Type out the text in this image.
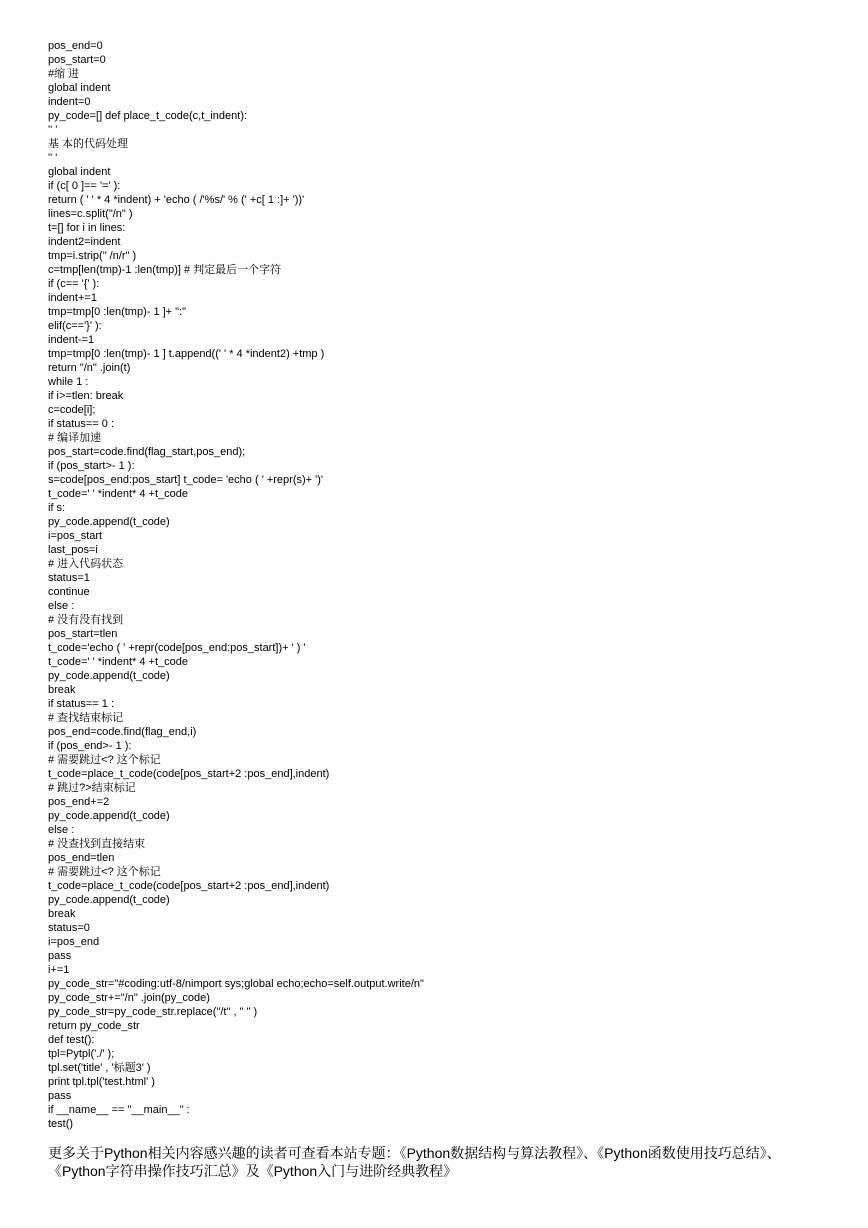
pos_end=0
pos_start=0
#缩 进
global indent
indent=0
py_code=[] def place_t_code(c,t_indent):
'' '
基 本的代码处理
'' '
global indent
if (c[ 0 ]== '=' ):
return ( ' ' * 4 *indent) + 'echo ( /'%s/' % (' +c[ 1 :]+ '))'
lines=c.split("/n" )
t=[] for i in lines:
indent2=indent
tmp=i.strip(" /n/r" )
c=tmp[len(tmp)-1 :len(tmp)] # 判定最后一个字符
if (c== '{' ):
indent+=1
tmp=tmp[0 :len(tmp)- 1 ]+ ":"
elif(c=='}' ):
indent-=1
tmp=tmp[0 :len(tmp)- 1 ] t.append((' ' * 4 *indent2) +tmp )
return "/n" .join(t)
while 1 :
if i>=tlen: break
c=code[i];
if status== 0 :
# 编译加速
pos_start=code.find(flag_start,pos_end);
if (pos_start>- 1 ):
s=code[pos_end:pos_start] t_code= 'echo ( ' +repr(s)+ ')'
t_code=' ' *indent* 4 +t_code
if s:
py_code.append(t_code)
i=pos_start
last_pos=i
# 进入代码状态
status=1
continue
else :
# 没有没有找到
pos_start=tlen
t_code='echo ( ' +repr(code[pos_end:pos_start])+ ' ) '
t_code=' ' *indent* 4 +t_code
py_code.append(t_code)
break
if status== 1 :
# 查找结束标记
pos_end=code.find(flag_end,i)
if (pos_end>- 1 ):
# 需要跳过<? 这个标记
t_code=place_t_code(code[pos_start+2 :pos_end],indent)
# 跳过?>结束标记
pos_end+=2
py_code.append(t_code)
else :
# 没查找到直接结束
pos_end=tlen
# 需要跳过<? 这个标记
t_code=place_t_code(code[pos_start+2 :pos_end],indent)
py_code.append(t_code)
break
status=0
i=pos_end
pass
i+=1
py_code_str="#coding:utf-8/nimport sys;global echo;echo=self.output.write/n"
py_code_str+="/n" .join(py_code)
py_code_str=py_code_str.replace("/t" , " " )
return py_code_str
def test():
tpl=Pytpl('./' );
tpl.set('title' , '标题3' )
print tpl.tpl('test.html' )
pass
if __name__ == "__main__" :
test()
更多关于Python相关内容感兴趣的读者可查看本站专题：《Python数据结构与算法教程》、《Python函数使用技巧总结》、
《Python字符串操作技巧汇总》及《Python入门与进阶经典教程》
